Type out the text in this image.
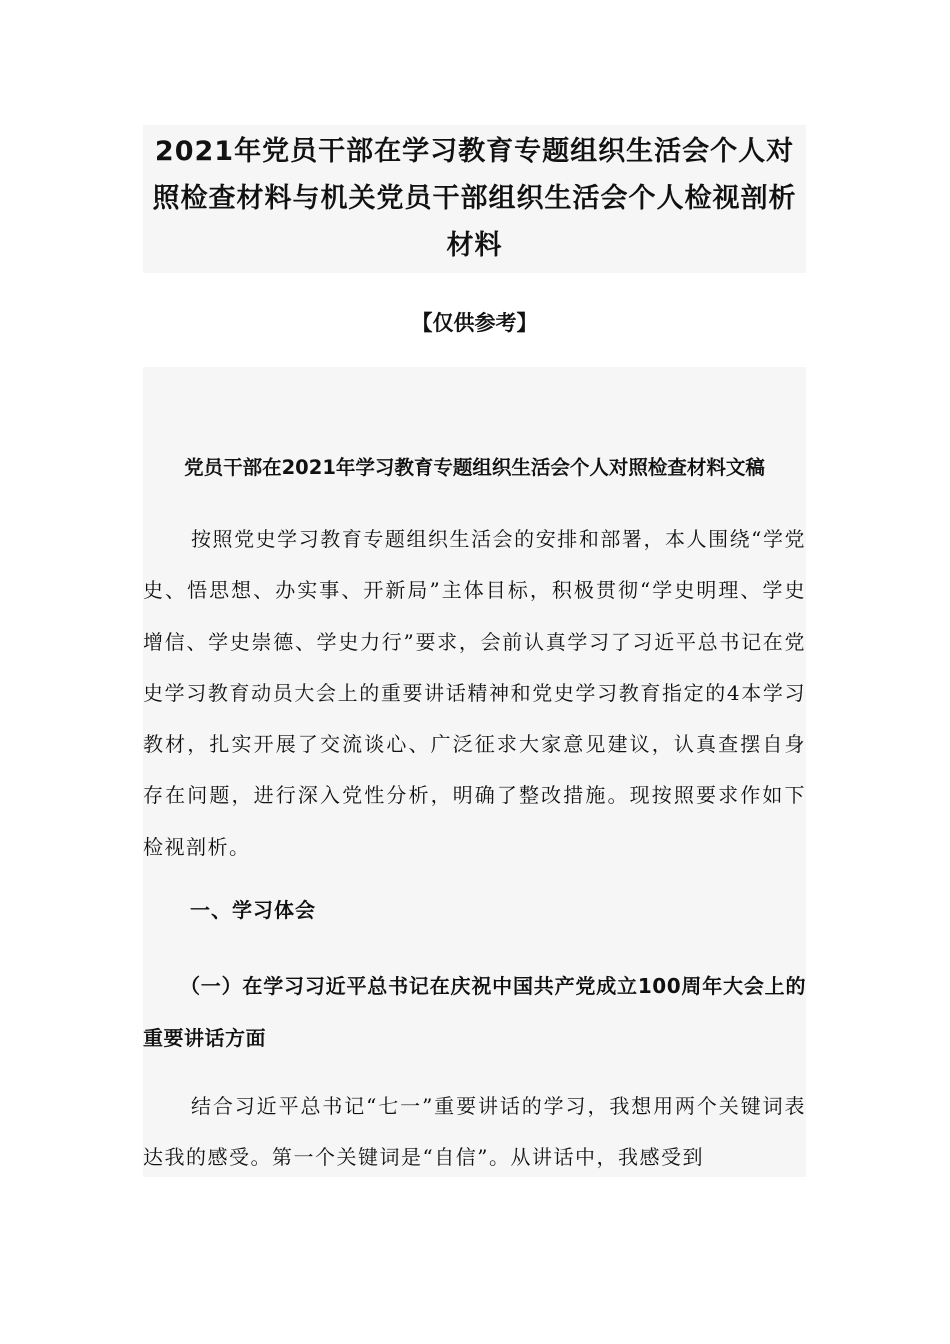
2021年党员干部在学习教育专题组织生活会个人对照检查材料与机关党员干部组织生活会个人检视剖析材料
【仅供参考】
党员干部在2021年学习教育专题组织生活会个人对照检查材料文稿

按照党史学习教育专题组织生活会的安排和部署，本人围绕“学党史、悟思想、办实事、开新局”主体目标，积极贯彻“学史明理、学史增信、学史崇德、学史力行”要求，会前认真学习了习近平总书记在党史学习教育动员大会上的重要讲话精神和党史学习教育指定的4本学习教材，扎实开展了交流谈心、广泛征求大家意见建议，认真查摆自身存在问题，进行深入党性分析，明确了整改措施。现按照要求作如下检视剖析。

一、学习体会

（一）在学习习近平总书记在庆祝中国共产党成立100周年大会上的重要讲话方面

结合习近平总书记“七一”重要讲话的学习，我想用两个关键词表达我的感受。第一个关键词是“自信”。从讲话中，我感受到
